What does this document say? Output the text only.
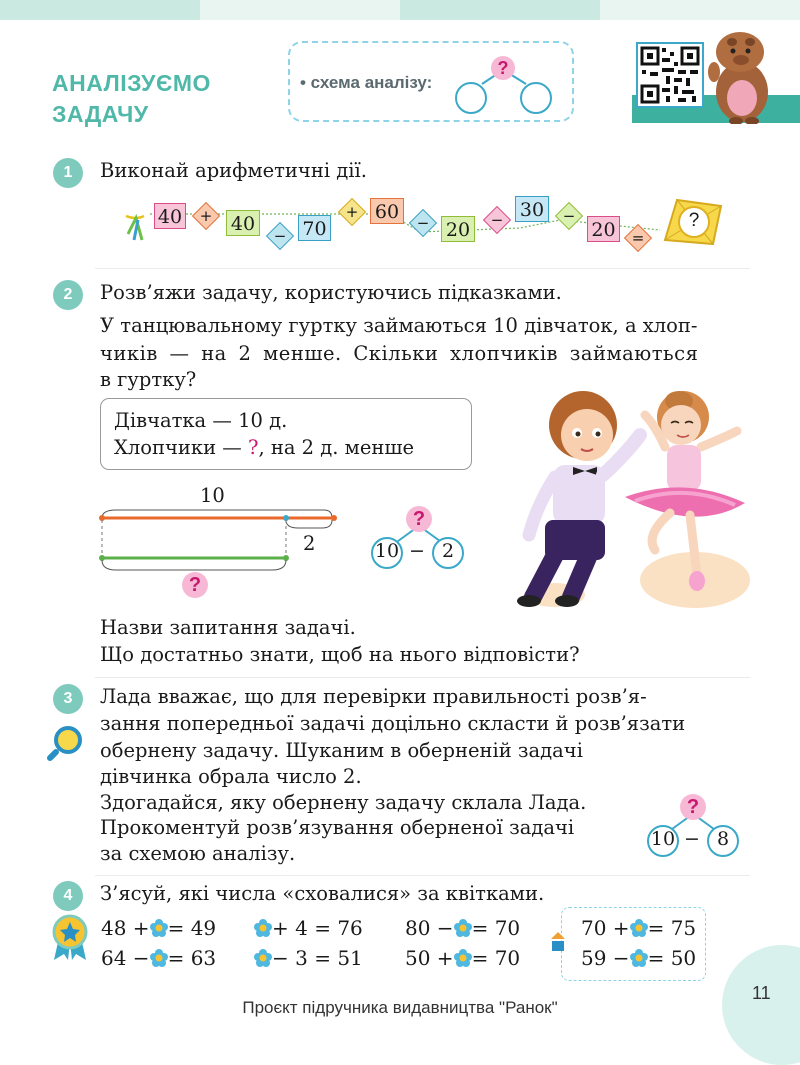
АНАЛІЗУЄМО
ЗАДАЧУ
• схема аналізу:
?
1	Виконай арифметичні дії.
40 + 40
− 70
+ 60	− 20	− 30	−
20 =
?
2	Розв’яжи задачу, користуючись підказками.
У танцювальному гуртку займаються 10 дівчаток, а хлоп-
чиків — на 2 менше. Скільки хлопчиків займаються
в гуртку?
Дівчатка — 10 д.
Хлопчики — ?, на 2 д. менше
10
2
?
?
10 − 2
Назви запитання задачі.
Що достатньо знати, щоб на нього відповісти?
3	Лада вважає, що для перевірки правильності розв’я-
зання попередньої задачі доцільно скласти й розв’язати
обернену задачу. Шуканим в оберненій задачі
дівчинка обрала число 2.
Здогадайся, яку обернену задачу склала Лада.
Прокоментуй розв’язування оберненої задачі
за схемою аналізу.
?
10 − 8
4	З’ясуй, які числа «сховалися» за квітками.
48 + = 49
64 − = 63
+ 4 = 76
− 3 = 51
80 − = 70
50 + = 70
70 + = 75
59 − = 50
Проєкт підручника видавництва "Ранок"
11
